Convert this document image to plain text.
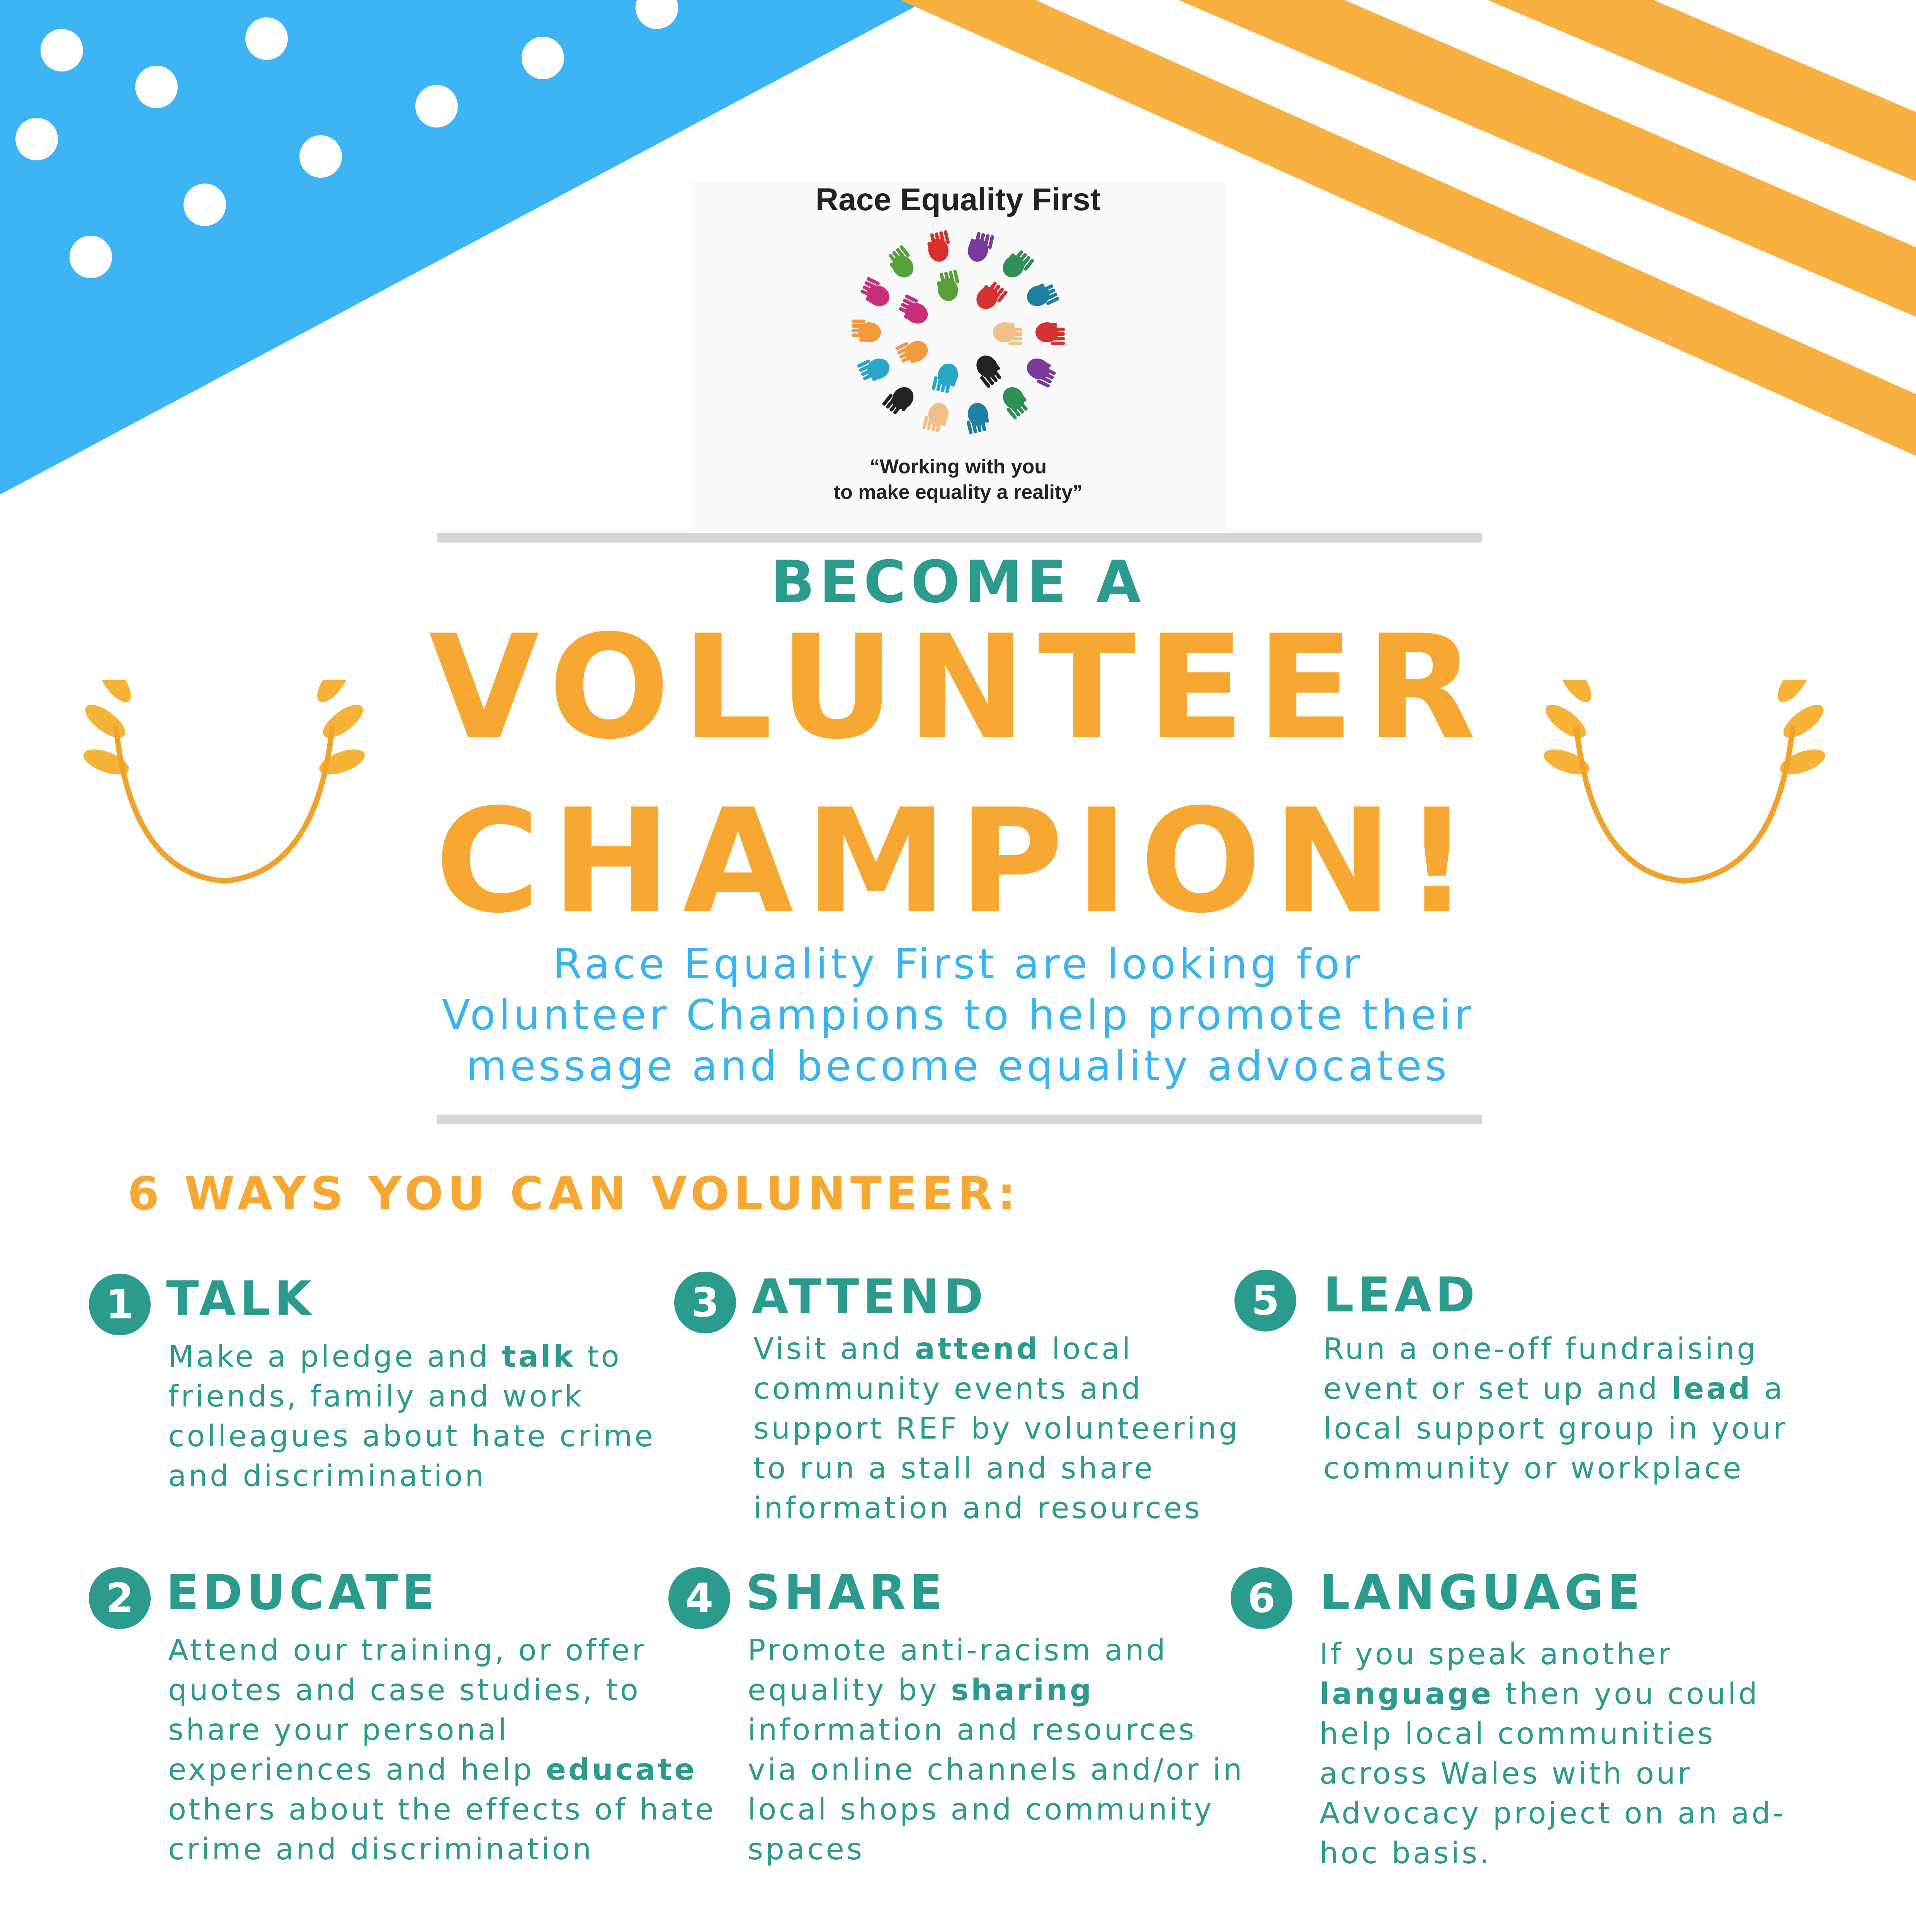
Race Equality First
“Working with you
to make equality a reality”
BECOME A
VOLUNTEER
CHAMPION!
Race Equality First are looking for
Volunteer Champions to help promote their
message and become equality advocates
6 WAYS YOU CAN VOLUNTEER:
1 TALK
Make a pledge and talk to friends, family and work colleagues about hate crime and discrimination
2 EDUCATE
Attend our training, or offer quotes and case studies, to share your personal experiences and help educate others about the effects of hate crime and discrimination
3 ATTEND
Visit and attend local community events and support REF by volunteering to run a stall and share information and resources
4 SHARE
Promote anti-racism and equality by sharing information and resources via online channels and/or in local shops and community spaces
5 LEAD
Run a one-off fundraising event or set up and lead a local support group in your community or workplace
6 LANGUAGE
If you speak another language then you could help local communities across Wales with our Advocacy project on an ad-hoc basis.
